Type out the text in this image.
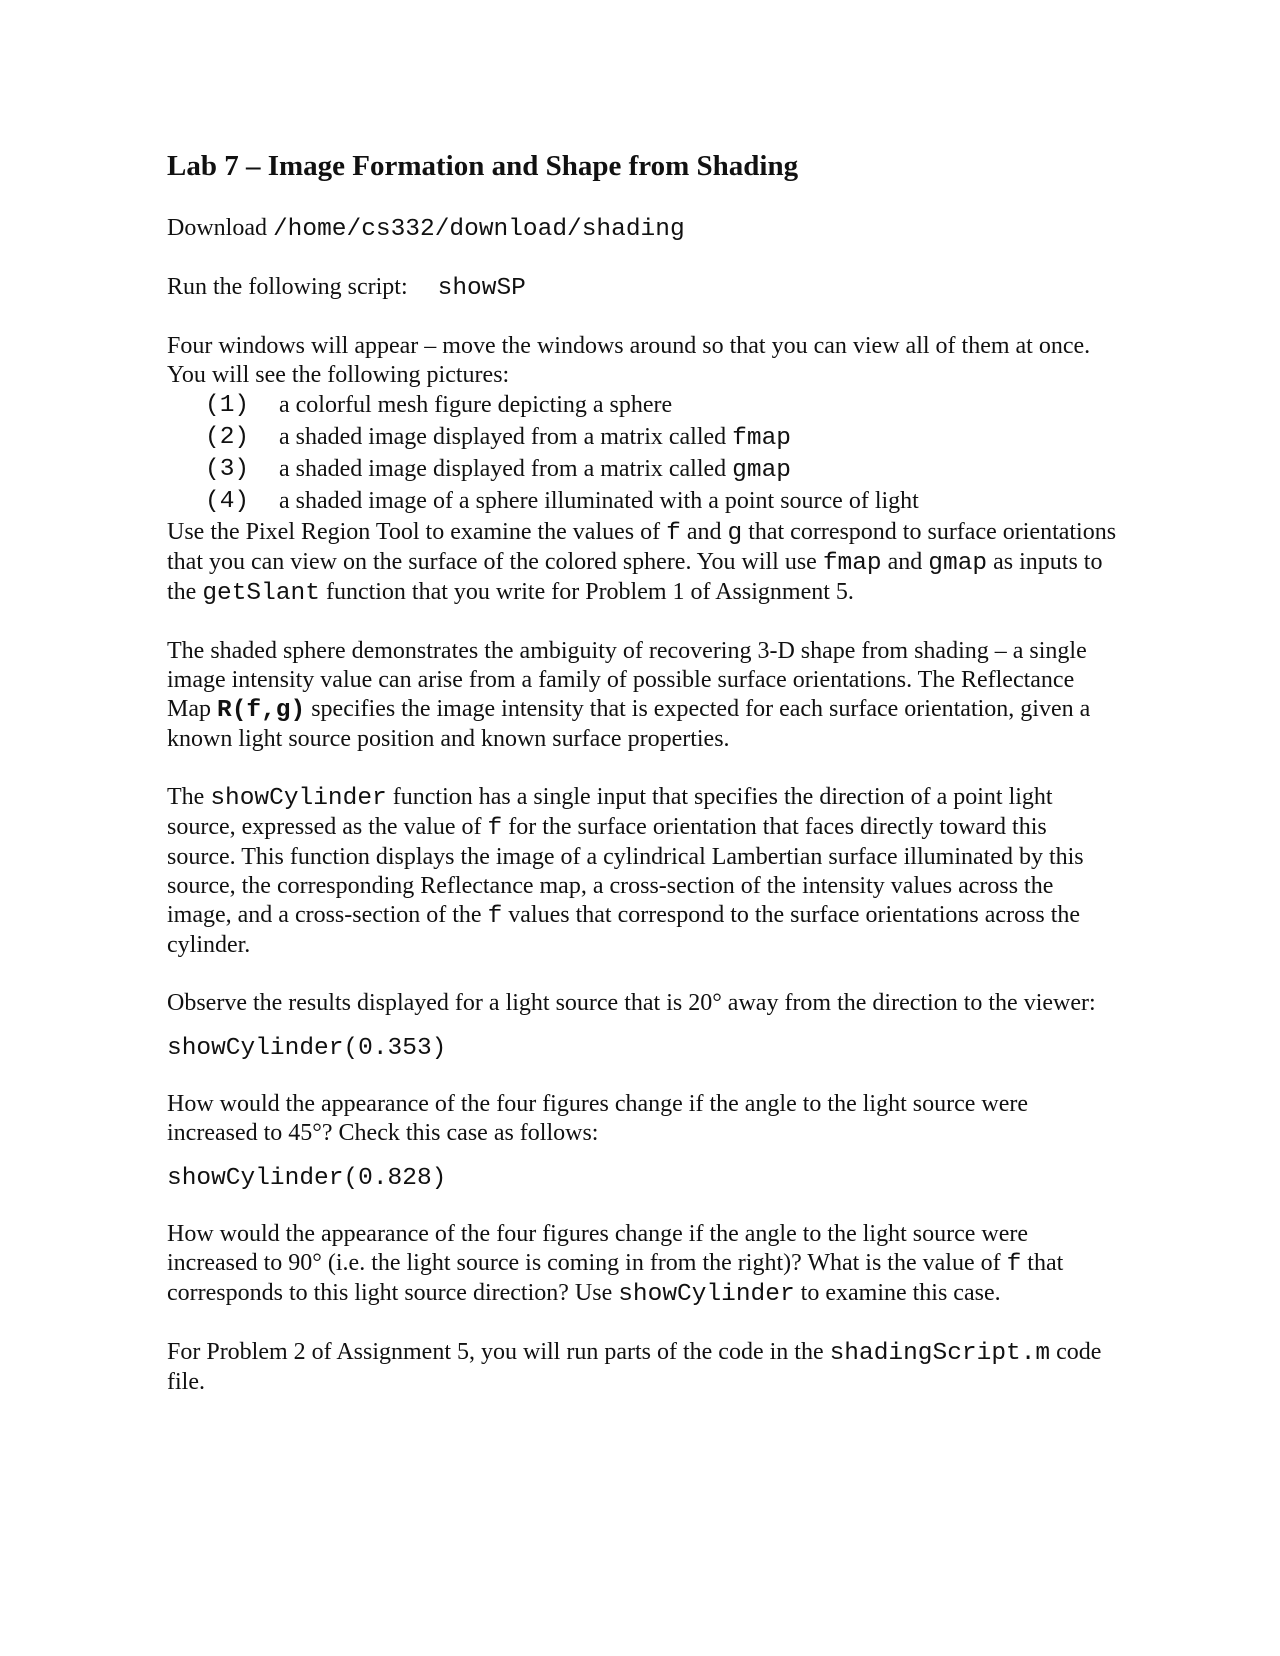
Lab 7 – Image Formation and Shape from Shading

Download /home/cs332/download/shading

Run the following script: showSP

Four windows will appear – move the windows around so that you can view all of them at once. You will see the following pictures:

(1)	a colorful mesh figure depicting a sphere
(2)	a shaded image displayed from a matrix called fmap
(3)	a shaded image displayed from a matrix called gmap
(4)	a shaded image of a sphere illuminated with a point source of light

Use the Pixel Region Tool to examine the values of f and g that correspond to surface orientations that you can view on the surface of the colored sphere. You will use fmap and gmap as inputs to the getSlant function that you write for Problem 1 of Assignment 5.

The shaded sphere demonstrates the ambiguity of recovering 3-D shape from shading – a single image intensity value can arise from a family of possible surface orientations. The Reflectance Map R(f,g) specifies the image intensity that is expected for each surface orientation, given a known light source position and known surface properties.

The showCylinder function has a single input that specifies the direction of a point light source, expressed as the value of f for the surface orientation that faces directly toward this source. This function displays the image of a cylindrical Lambertian surface illuminated by this source, the corresponding Reflectance map, a cross-section of the intensity values across the image, and a cross-section of the f values that correspond to the surface orientations across the cylinder.

Observe the results displayed for a light source that is 20° away from the direction to the viewer:

showCylinder(0.353)

How would the appearance of the four figures change if the angle to the light source were increased to 45°? Check this case as follows:

showCylinder(0.828)

How would the appearance of the four figures change if the angle to the light source were increased to 90° (i.e. the light source is coming in from the right)? What is the value of f that corresponds to this light source direction? Use showCylinder to examine this case.

For Problem 2 of Assignment 5, you will run parts of the code in the shadingScript.m code file.
